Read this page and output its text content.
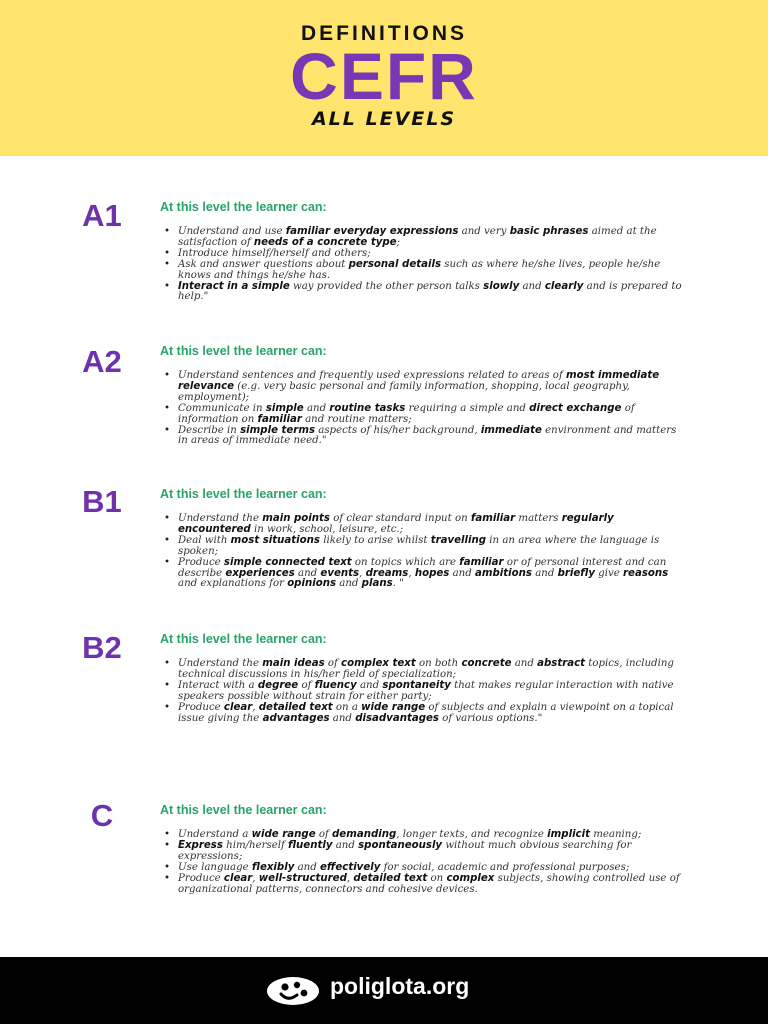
DEFINITIONS
CEFR
ALL LEVELS
A1	At this level the learner can:
• Understand and use familiar everyday expressions and very basic phrases aimed at the satisfaction of needs of a concrete type;
• Introduce himself/herself and others;
• Ask and answer questions about personal details such as where he/she lives, people he/she knows and things he/she has.
• Interact in a simple way provided the other person talks slowly and clearly and is prepared to help."
A2	At this level the learner can:
• Understand sentences and frequently used expressions related to areas of most immediate relevance (e.g. very basic personal and family information, shopping, local geography, employment);
• Communicate in simple and routine tasks requiring a simple and direct exchange of information on familiar and routine matters;
• Describe in simple terms aspects of his/her background, immediate environment and matters in areas of immediate need."
B1	At this level the learner can:
• Understand the main points of clear standard input on familiar matters regularly encountered in work, school, leisure, etc.;
• Deal with most situations likely to arise whilst travelling in an area where the language is spoken;
• Produce simple connected text on topics which are familiar or of personal interest and can describe experiences and events, dreams, hopes and ambitions and briefly give reasons and explanations for opinions and plans. "
B2	At this level the learner can:
• Understand the main ideas of complex text on both concrete and abstract topics, including technical discussions in his/her field of specialization;
• Interact with a degree of fluency and spontaneity that makes regular interaction with native speakers possible without strain for either party;
• Produce clear, detailed text on a wide range of subjects and explain a viewpoint on a topical issue giving the advantages and disadvantages of various options."
C	At this level the learner can:
• Understand a wide range of demanding, longer texts, and recognize implicit meaning;
• Express him/herself fluently and spontaneously without much obvious searching for expressions;
• Use language flexibly and effectively for social, academic and professional purposes;
• Produce clear, well-structured, detailed text on complex subjects, showing controlled use of organizational patterns, connectors and cohesive devices.
poliglota.org
